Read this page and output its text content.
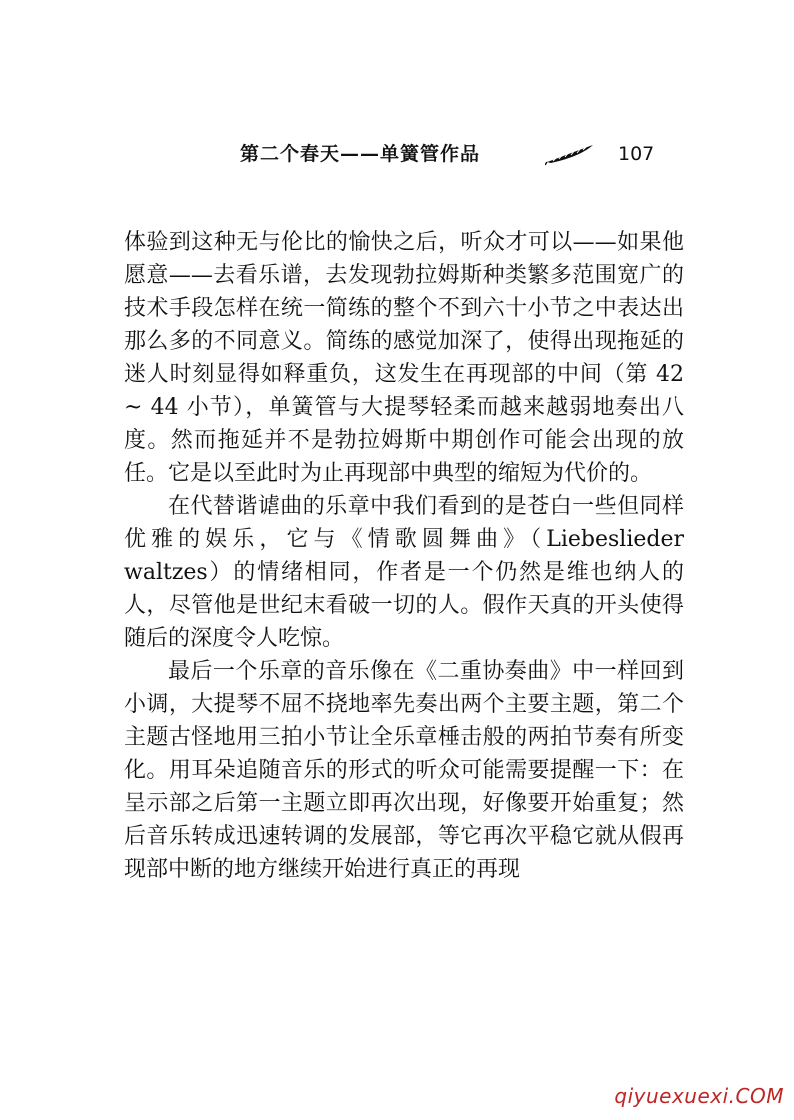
第二个春天——单簧管作品	107

体验到这种无与伦比的愉快之后，听众才可以——如果他愿意——去看乐谱，去发现勃拉姆斯种类繁多范围宽广的技术手段怎样在统一简练的整个不到六十小节之中表达出那么多的不同意义。简练的感觉加深了，使得出现拖延的迷人时刻显得如释重负，这发生在再现部的中间（第 42 ~ 44 小节），单簧管与大提琴轻柔而越来越弱地奏出八度。然而拖延并不是勃拉姆斯中期创作可能会出现的放任。它是以至此时为止再现部中典型的缩短为代价的。

在代替谐谑曲的乐章中我们看到的是苍白一些但同样优雅的娱乐，它与《情歌圆舞曲》（Liebeslieder waltzes）的情绪相同，作者是一个仍然是维也纳人的人，尽管他是世纪末看破一切的人。假作天真的开头使得随后的深度令人吃惊。

最后一个乐章的音乐像在《二重协奏曲》中一样回到小调，大提琴不屈不挠地率先奏出两个主要主题，第二个主题古怪地用三拍小节让全乐章棰击般的两拍节奏有所变化。用耳朵追随音乐的形式的听众可能需要提醒一下：在呈示部之后第一主题立即再次出现，好像要开始重复；然后音乐转成迅速转调的发展部，等它再次平稳它就从假再现部中断的地方继续开始进行真正的再现

qiyuexuexi.COM
